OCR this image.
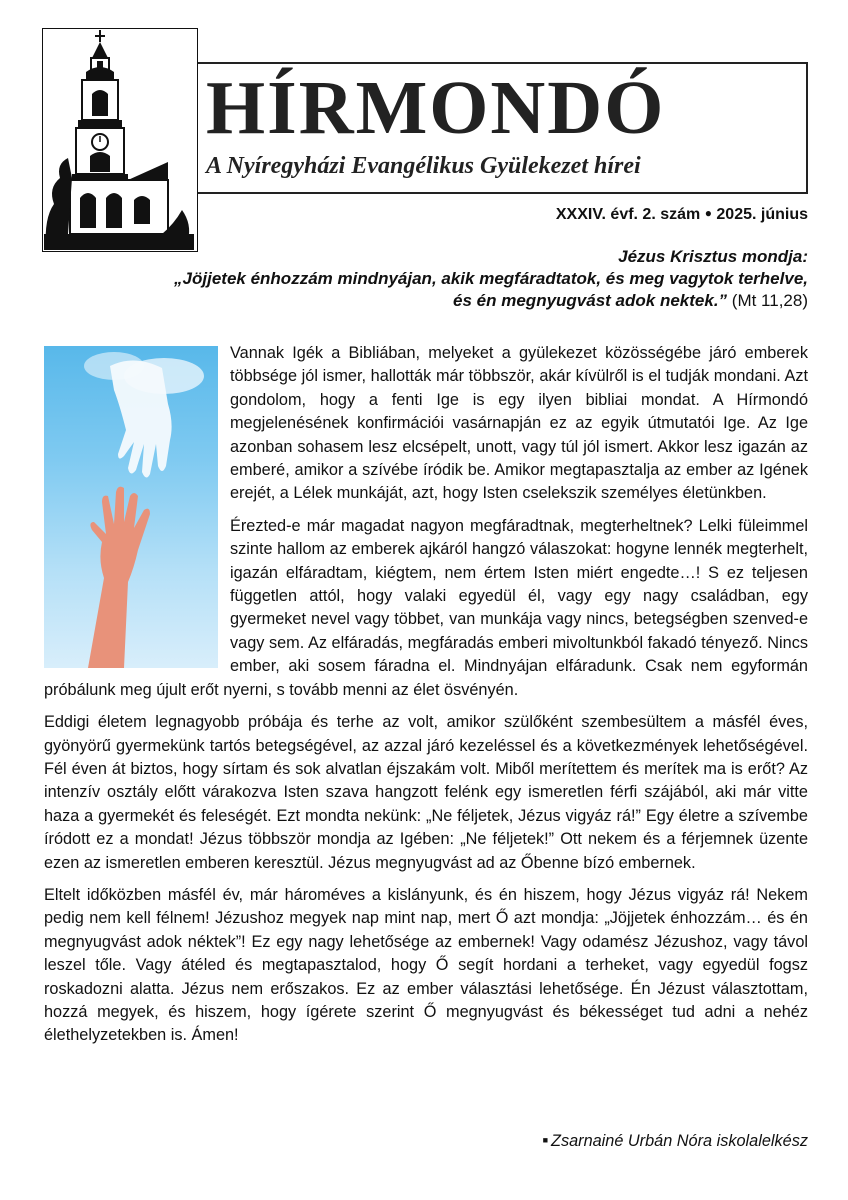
HÍRMONDÓ
A Nyíregyházi Evangélikus Gyülekezet hírei
XXXIV. évf. 2. szám ● 2025. június
Jézus Krisztus mondja:
„Jöjjetek énhozzám mindnyájan, akik megfáradtatok, és meg vagytok terhelve,
és én megnyugvást adok nektek.” (Mt 11,28)

Vannak Igék a Bibliában, melyeket a gyülekezet közösségébe járó emberek többsége jól ismer, hallották már többször, akár kívülről is el tudják mondani. Azt gondolom, hogy a fenti Ige is egy ilyen bibliai mondat. A Hírmondó megjelenésének konfirmációi vasárnapján ez az egyik útmutatói Ige. Az Ige azonban sohasem lesz elcsépelt, unott, vagy túl jól ismert. Akkor lesz igazán az emberé, amikor a szívébe íródik be. Amikor megtapasztalja az ember az Igének erejét, a Lélek munkáját, azt, hogy Isten cselekszik személyes életünkben.

Érezted-e már magadat nagyon megfáradtnak, megterheltnek? Lelki füleimmel szinte hallom az emberek ajkáról hangzó válaszokat: hogyne lennék megterhelt, igazán elfáradtam, kiégtem, nem értem Isten miért engedte…! S ez teljesen független attól, hogy valaki egyedül él, vagy egy nagy családban, egy gyermeket nevel vagy többet, van munkája vagy nincs, betegségben szenved-e vagy sem. Az elfáradás, megfáradás emberi mivoltunkból fakadó tényező. Nincs ember, aki sosem fáradna el. Mindnyájan elfáradunk. Csak nem egyformán próbálunk meg újult erőt nyerni, s tovább menni az élet ösvényén.

Eddigi életem legnagyobb próbája és terhe az volt, amikor szülőként szembesültem a másfél éves, gyönyörű gyermekünk tartós betegségével, az azzal járó kezeléssel és a következmények lehetőségével. Fél éven át biztos, hogy sírtam és sok alvatlan éjszakám volt. Miből merítettem és merítek ma is erőt? Az intenzív osztály előtt várakozva Isten szava hangzott felénk egy ismeretlen férfi szájából, aki már vitte haza a gyermekét és feleségét. Ezt mondta nekünk: „Ne féljetek, Jézus vigyáz rá!” Egy életre a szívembe íródott ez a mondat! Jézus többször mondja az Igében: „Ne féljetek!” Ott nekem és a férjemnek üzente ezen az ismeretlen emberen keresztül. Jézus megnyugvást ad az Őbenne bízó embernek.

Eltelt időközben másfél év, már hároméves a kislányunk, és én hiszem, hogy Jézus vigyáz rá! Nekem pedig nem kell félnem! Jézushoz megyek nap mint nap, mert Ő azt mondja: „Jöjjetek énhozzám… és én megnyugvást adok néktek”! Ez egy nagy lehetősége az embernek! Vagy odamész Jézushoz, vagy távol leszel tőle. Vagy átéled és megtapasztalod, hogy Ő segít hordani a terheket, vagy egyedül fogsz roskadozni alatta. Jézus nem erőszakos. Ez az ember választási lehetősége. Én Jézust választottam, hozzá megyek, és hiszem, hogy ígérete szerint Ő megnyugvást és békességet tud adni a nehéz élethelyzetekben is. Ámen!

■ Zsarnainé Urbán Nóra iskolalelkész
